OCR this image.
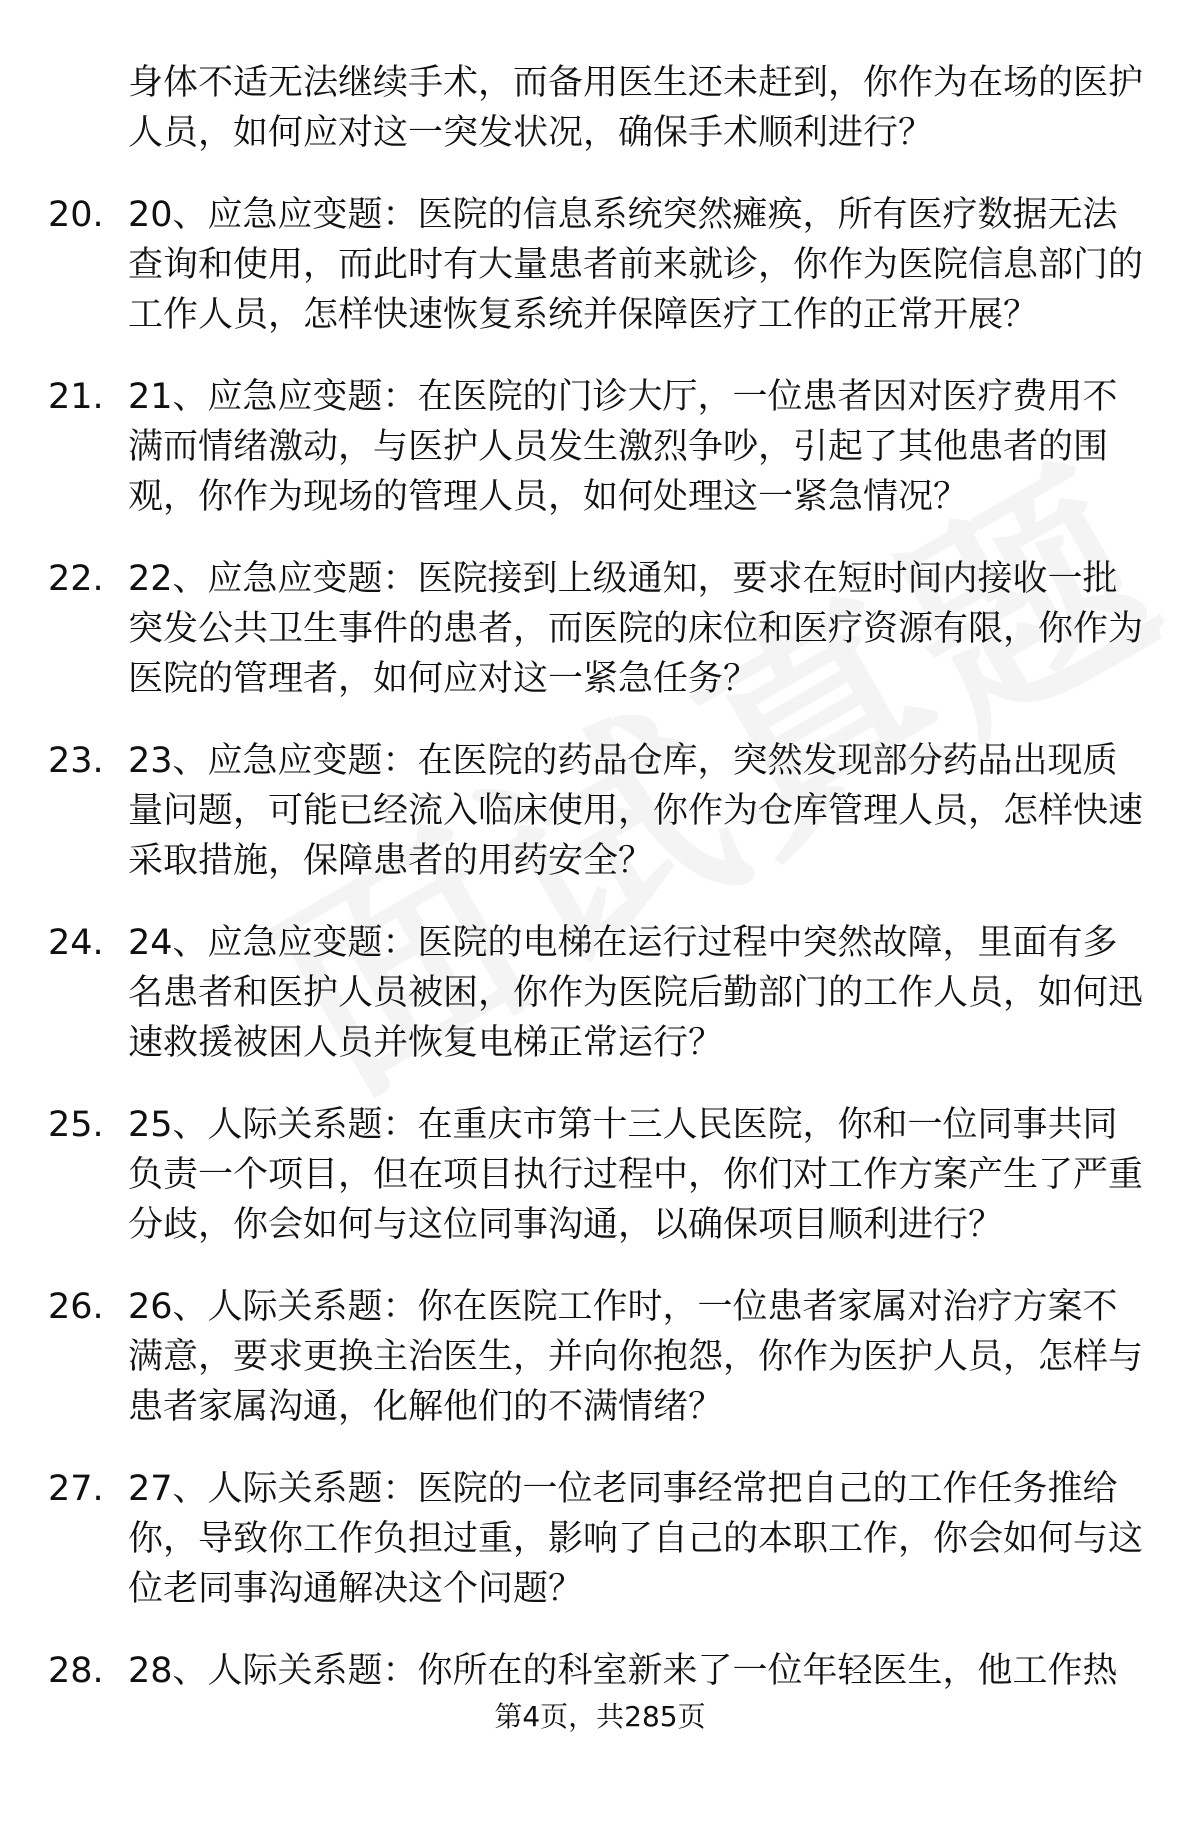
身体不适无法继续手术，而备用医生还未赶到，你作为在场的医护人员，如何应对这一突发状况，确保手术顺利进行？
20. 20、应急应变题：医院的信息系统突然瘫痪，所有医疗数据无法查询和使用，而此时有大量患者前来就诊，你作为医院信息部门的工作人员，怎样快速恢复系统并保障医疗工作的正常开展？
21. 21、应急应变题：在医院的门诊大厅，一位患者因对医疗费用不满而情绪激动，与医护人员发生激烈争吵，引起了其他患者的围观，你作为现场的管理人员，如何处理这一紧急情况？
22. 22、应急应变题：医院接到上级通知，要求在短时间内接收一批突发公共卫生事件的患者，而医院的床位和医疗资源有限，你作为医院的管理者，如何应对这一紧急任务？
23. 23、应急应变题：在医院的药品仓库，突然发现部分药品出现质量问题，可能已经流入临床使用，你作为仓库管理人员，怎样快速采取措施，保障患者的用药安全？
24. 24、应急应变题：医院的电梯在运行过程中突然故障，里面有多名患者和医护人员被困，你作为医院后勤部门的工作人员，如何迅速救援被困人员并恢复电梯正常运行？
25. 25、人际关系题：在重庆市第十三人民医院，你和一位同事共同负责一个项目，但在项目执行过程中，你们对工作方案产生了严重分歧，你会如何与这位同事沟通，以确保项目顺利进行？
26. 26、人际关系题：你在医院工作时，一位患者家属对治疗方案不满意，要求更换主治医生，并向你抱怨，你作为医护人员，怎样与患者家属沟通，化解他们的不满情绪？
27. 27、人际关系题：医院的一位老同事经常把自己的工作任务推给你，导致你工作负担过重，影响了自己的本职工作，你会如何与这位老同事沟通解决这个问题？
28. 28、人际关系题：你所在的科室新来了一位年轻医生，他工作热
第4页，共285页
